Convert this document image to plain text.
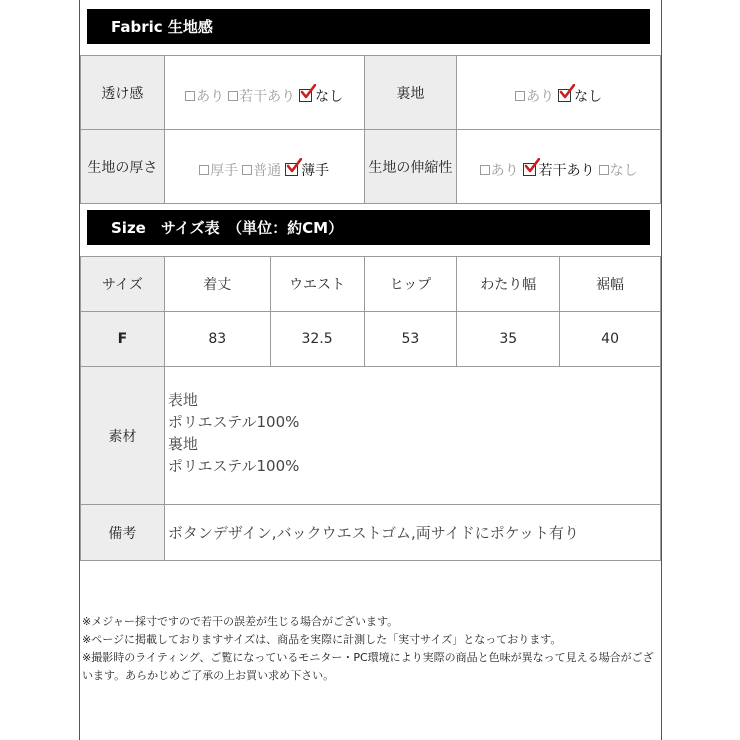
Fabric 生地感
透け感	あり 若干あり なし	裏地	あり なし
生地の厚さ	厚手 普通 薄手	生地の伸縮性	あり 若干あり なし
Size　サイズ表　（単位：約CM）
サイズ	着丈	ウエスト	ヒップ	わたり幅	裾幅
F	83	32.5	53	35	40
素材	表地
ポリエステル100%
裏地
ポリエステル100%

備考	ボタンデザイン,バックウエストゴム,両サイドにポケット有り
※メジャー採寸ですので若干の誤差が生じる場合がございます。
※ページに掲載しておりますサイズは、商品を実際に計測した「実寸サイズ」となっております。
※撮影時のライティング、ご覧になっているモニター・PC環境により実際の商品と色味が異なって見える場合がございます。あらかじめご了承の上お買い求め下さい。
